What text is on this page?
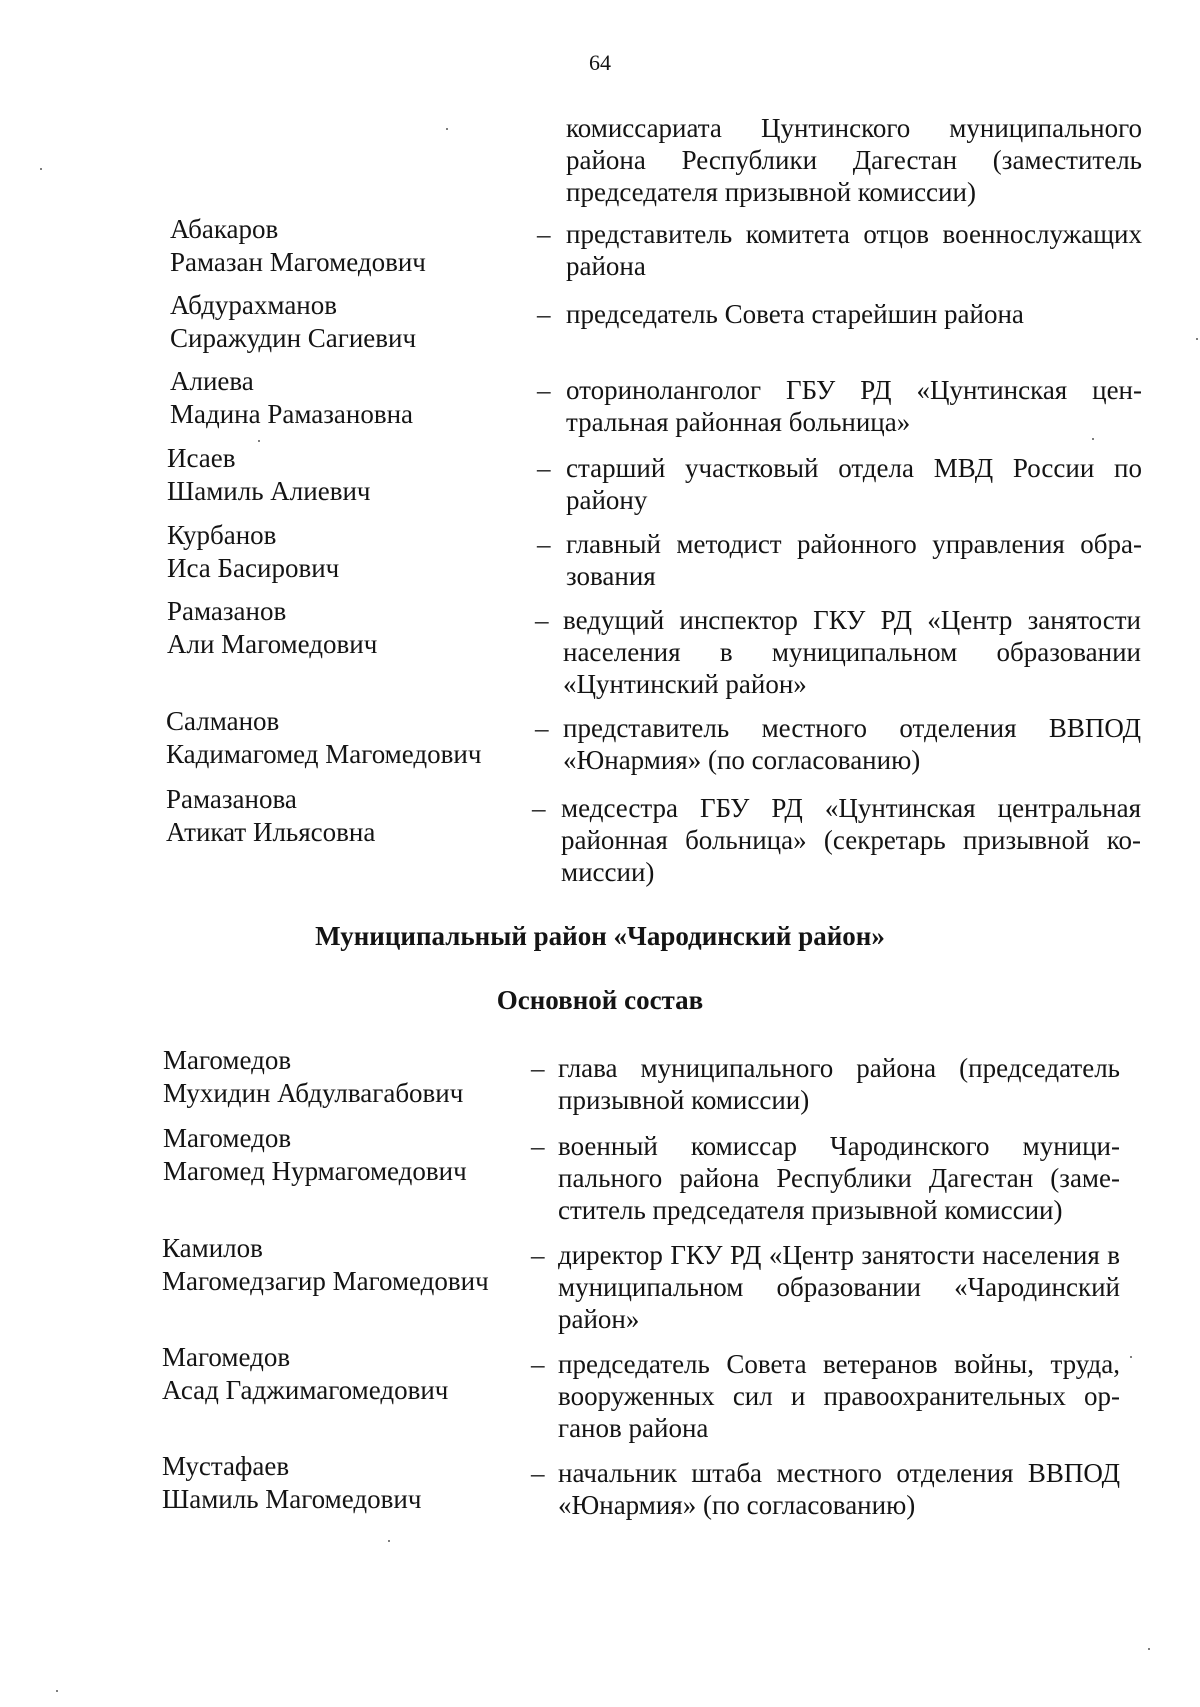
64
комиссариата Цунтинского муниципального района Республики Дагестан (заместитель председателя призывной комиссии)
Абакаров
Рамазан Магомедович
– представитель комитета отцов военнослужащих района
Абдурахманов
Сиражудин Сагиевич
– председатель Совета старейшин района
Алиева
Мадина Рамазановна
– оториноланголог ГБУ РД «Цунтинская центральная районная больница»
Исаев
Шамиль Алиевич
– старший участковый отдела МВД России по району
Курбанов
Иса Басирович
– главный методист районного управления образования
Рамазанов
Али Магомедович
– ведущий инспектор ГКУ РД «Центр занятости населения в муниципальном образовании «Цунтинский район»
Салманов
Кадимагомед Магомедович
– представитель местного отделения ВВПОД «Юнармия» (по согласованию)
Рамазанова
Атикат Ильясовна
– медсестра ГБУ РД «Цунтинская центральная районная больница» (секретарь призывной комиссии)
Муниципальный район «Чародинский район»
Основной состав
Магомедов
Мухидин Абдулвагабович
– глава муниципального района (председатель призывной комиссии)
Магомедов
Магомед Нурмагомедович
– военный комиссар Чародинского муниципального района Республики Дагестан (заместитель председателя призывной комиссии)
Камилов
Магомедзагир Магомедович
– директор ГКУ РД «Центр занятости населения в муниципальном образовании «Чародинский район»
Магомедов
Асад Гаджимагомедович
– председатель Совета ветеранов войны, труда, вооруженных сил и правоохранительных органов района
Мустафаев
Шамиль Магомедович
– начальник штаба местного отделения ВВПОД «Юнармия» (по согласованию)
